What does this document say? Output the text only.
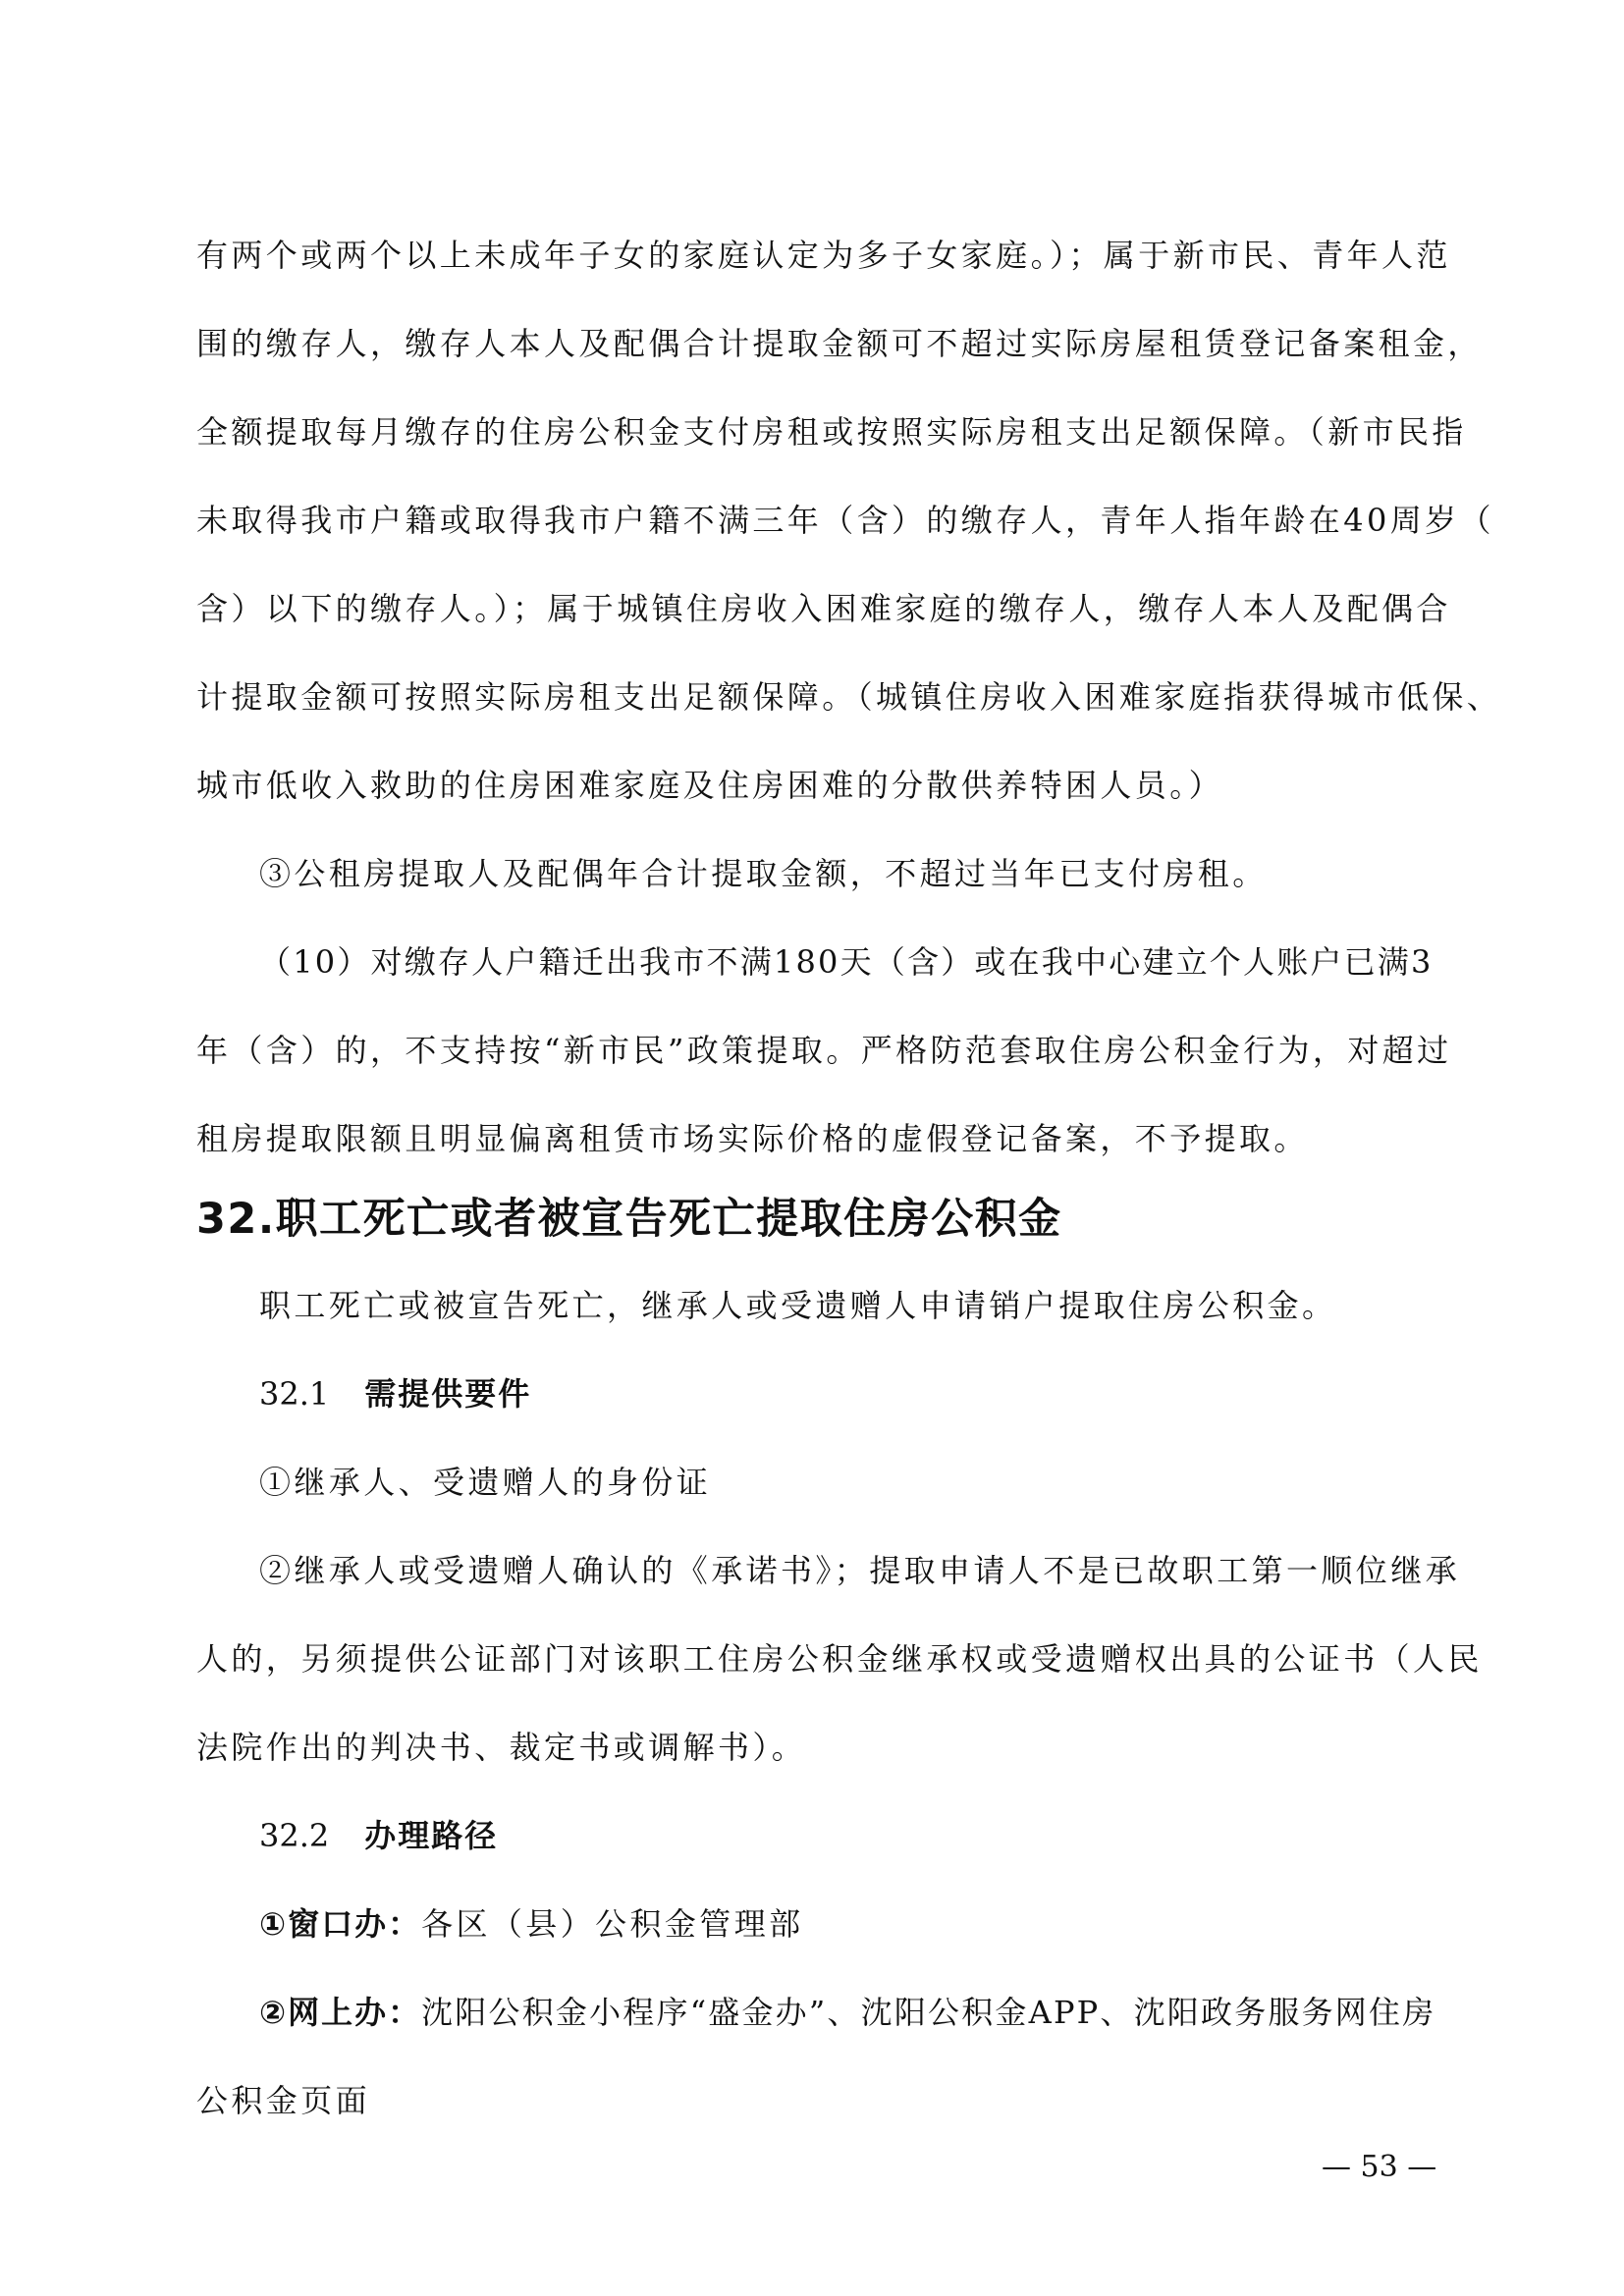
有两个或两个以上未成年子女的家庭认定为多子女家庭。）；属于新市民、青年人范
围的缴存人，缴存人本人及配偶合计提取金额可不超过实际房屋租赁登记备案租金，
全额提取每月缴存的住房公积金支付房租或按照实际房租支出足额保障。（新市民指
未取得我市户籍或取得我市户籍不满三年（含）的缴存人，青年人指年龄在40周岁（
含）以下的缴存人。）；属于城镇住房收入困难家庭的缴存人，缴存人本人及配偶合
计提取金额可按照实际房租支出足额保障。（城镇住房收入困难家庭指获得城市低保、
城市低收入救助的住房困难家庭及住房困难的分散供养特困人员。）
③公租房提取人及配偶年合计提取金额，不超过当年已支付房租。
（10）对缴存人户籍迁出我市不满180天（含）或在我中心建立个人账户已满3
年（含）的，不支持按“新市民”政策提取。严格防范套取住房公积金行为，对超过
租房提取限额且明显偏离租赁市场实际价格的虚假登记备案，不予提取。
32.职工死亡或者被宣告死亡提取住房公积金
职工死亡或被宣告死亡，继承人或受遗赠人申请销户提取住房公积金。
32.1 需提供要件
①继承人、受遗赠人的身份证
②继承人或受遗赠人确认的《承诺书》；提取申请人不是已故职工第一顺位继承
人的，另须提供公证部门对该职工住房公积金继承权或受遗赠权出具的公证书（人民
法院作出的判决书、裁定书或调解书）。
32.2 办理路径
①窗口办：各区（县）公积金管理部
②网上办：沈阳公积金小程序“盛金办”、沈阳公积金APP、沈阳政务服务网住房
公积金页面
— 53 —
